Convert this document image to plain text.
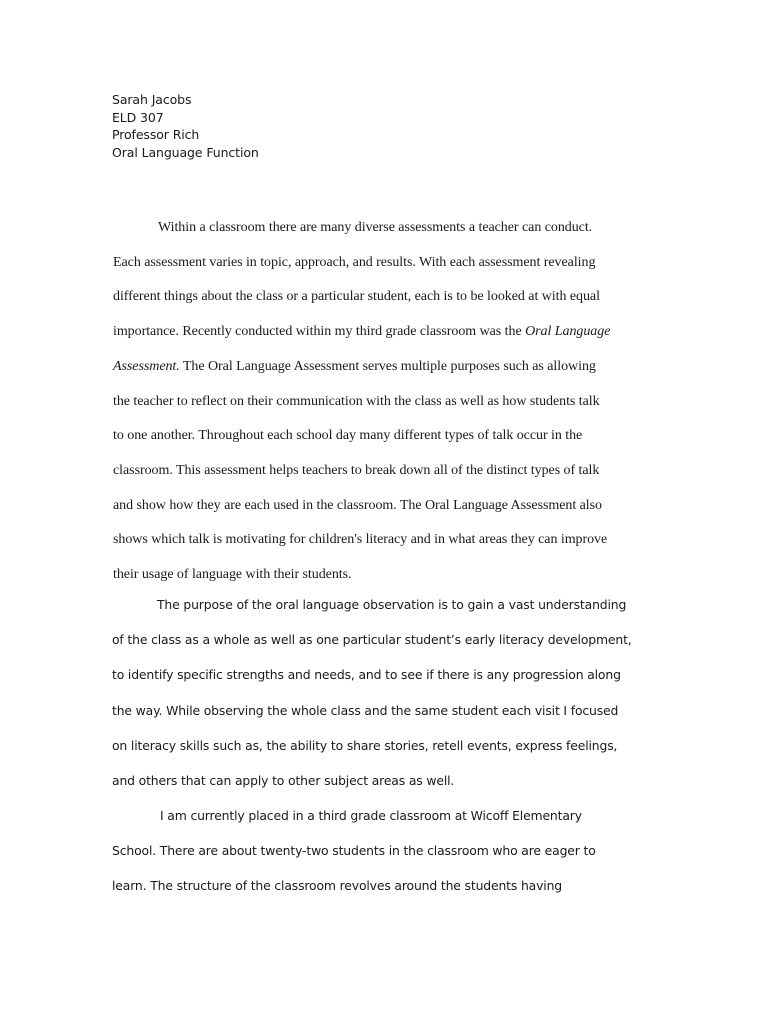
Sarah Jacobs
ELD 307
Professor Rich
Oral Language Function
Within a classroom there are many diverse assessments a teacher can conduct.
Each assessment varies in topic, approach, and results. With each assessment revealing
different things about the class or a particular student, each is to be looked at with equal
importance. Recently conducted within my third grade classroom was the Oral Language
Assessment. The Oral Language Assessment serves multiple purposes such as allowing
the teacher to reflect on their communication with the class as well as how students talk
to one another. Throughout each school day many different types of talk occur in the
classroom. This assessment helps teachers to break down all of the distinct types of talk
and show how they are each used in the classroom. The Oral Language Assessment also
shows which talk is motivating for children's literacy and in what areas they can improve
their usage of language with their students.
The purpose of the oral language observation is to gain a vast understanding
of the class as a whole as well as one particular student’s early literacy development,
to identify specific strengths and needs, and to see if there is any progression along
the way. While observing the whole class and the same student each visit I focused
on literacy skills such as, the ability to share stories, retell events, express feelings,
and others that can apply to other subject areas as well.
I am currently placed in a third grade classroom at Wicoff Elementary
School. There are about twenty-two students in the classroom who are eager to
learn. The structure of the classroom revolves around the students having
